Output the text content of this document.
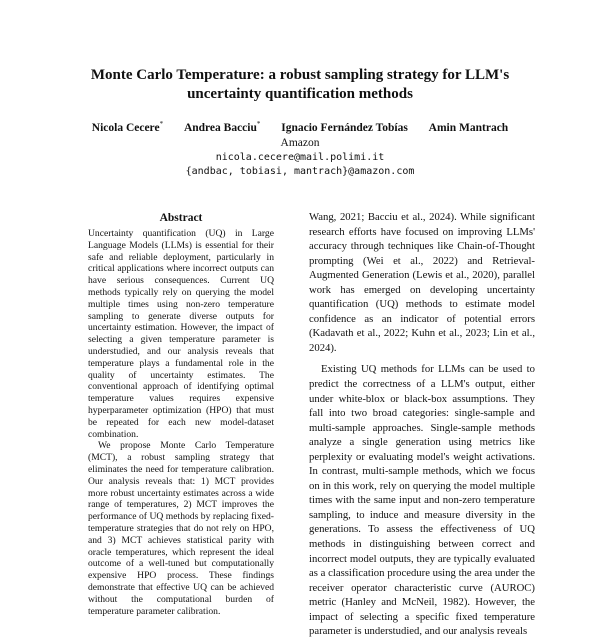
Monte Carlo Temperature: a robust sampling strategy for LLM's uncertainty quantification methods
Nicola Cecere* Andrea Bacciu* Ignacio Fernández Tobías Amin Mantrach
Amazon
nicola.cecere@mail.polimi.it
{andbac, tobiasi, mantrach}@amazon.com
Abstract

Uncertainty quantification (UQ) in Large Language Models (LLMs) is essential for their safe and reliable deployment, particularly in critical applications where incorrect outputs can have serious consequences. Current UQ methods typically rely on querying the model multiple times using non-zero temperature sampling to generate diverse outputs for uncertainty estimation. However, the impact of selecting a given temperature parameter is understudied, and our analysis reveals that temperature plays a fundamental role in the quality of uncertainty estimates. The conventional approach of identifying optimal temperature values requires expensive hyperparameter optimization (HPO) that must be repeated for each new model-dataset combination.

We propose Monte Carlo Temperature (MCT), a robust sampling strategy that eliminates the need for temperature calibration. Our analysis reveals that: 1) MCT provides more robust uncertainty estimates across a wide range of temperatures, 2) MCT improves the performance of UQ methods by replacing fixed-temperature strategies that do not rely on HPO, and 3) MCT achieves statistical parity with oracle temperatures, which represent the ideal outcome of a well-tuned but computationally expensive HPO process. These findings demonstrate that effective UQ can be achieved without the computational burden of temperature parameter calibration.

Wang, 2021; Bacciu et al., 2024). While significant research efforts have focused on improving LLMs' accuracy through techniques like Chain-of-Thought prompting (Wei et al., 2022) and Retrieval-Augmented Generation (Lewis et al., 2020), parallel work has emerged on developing uncertainty quantification (UQ) methods to estimate model confidence as an indicator of potential errors (Kadavath et al., 2022; Kuhn et al., 2023; Lin et al., 2024).

Existing UQ methods for LLMs can be used to predict the correctness of a LLM's output, either under white-blox or black-box assumptions. They fall into two broad categories: single-sample and multi-sample approaches. Single-sample methods analyze a single generation using metrics like perplexity or evaluating model's weight activations. In contrast, multi-sample methods, which we focus on in this work, rely on querying the model multiple times with the same input and non-zero temperature sampling, to induce and measure diversity in the generations. To assess the effectiveness of UQ methods in distinguishing between correct and incorrect model outputs, they are typically evaluated as a classification procedure using the area under the receiver operator characteristic curve (AUROC) metric (Hanley and McNeil, 1982). However, the impact of selecting a specific fixed temperature parameter is understudied, and our analysis reveals
